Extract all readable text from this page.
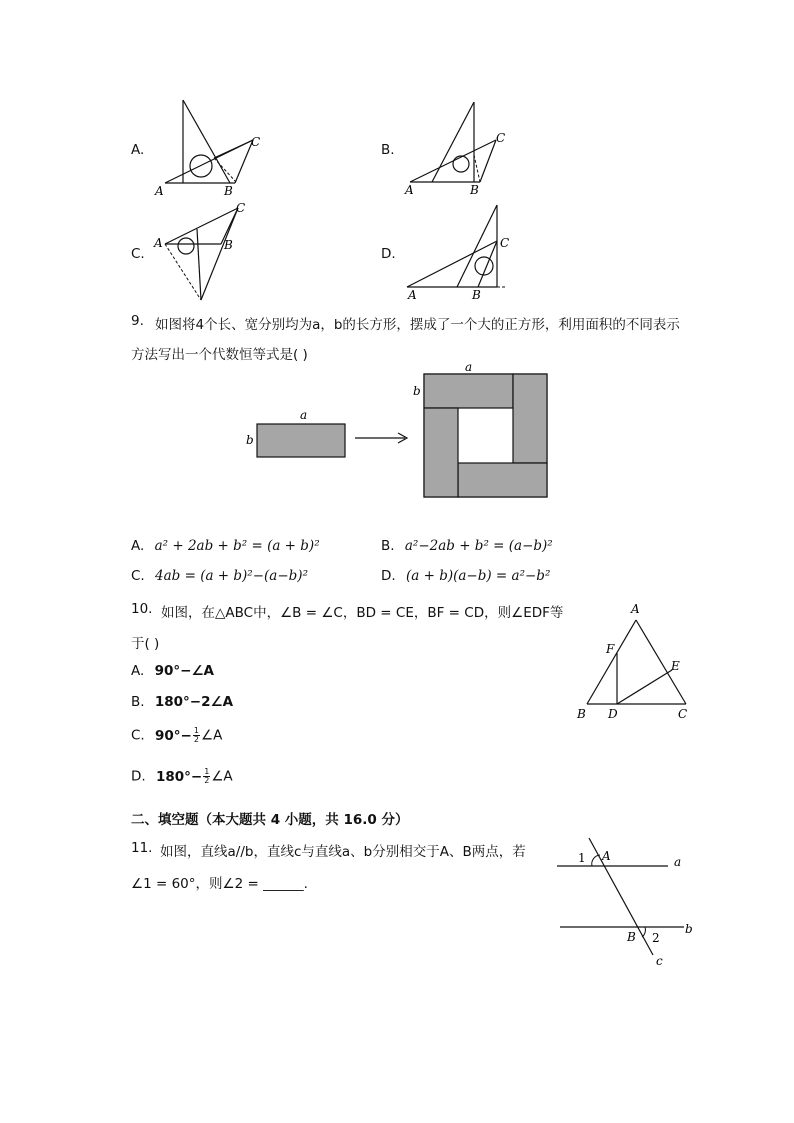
A.
A	B
C	B.
A	B
C
C.
A	B
C
D.
A	B
C
9. 如图将4个长、宽分别均为a，b的长方形，摆成了一个大的正方形，利用面积的不同表示
方法写出一个代数恒等式是( )
a
b
a
b
A. a² + 2ab + b² = (a + b)²	B. a²−2ab + b² = (a−b)²
C. 4ab = (a + b)²−(a−b)²	D. (a + b)(a−b) = a²−b²
10. 如图，在△ABC中，∠B = ∠C，BD = CE，BF = CD，则∠EDF等
于( )
A
B	C
D
E
F
A. 90°−∠A
B. 180°−2∠A
C. $90^\circ- \frac{1}{2}$ ∠A
D. $180^\circ- \frac{1}{2}$ ∠A
二、填空题（本大题共 4 小题，共 16.0 分）
11. 如图，直线a//b，直线c与直线a、b分别相交于A、B两点，若
∠1 = 60°，则∠2 = ______.
1 A	a
B 2
b
c
